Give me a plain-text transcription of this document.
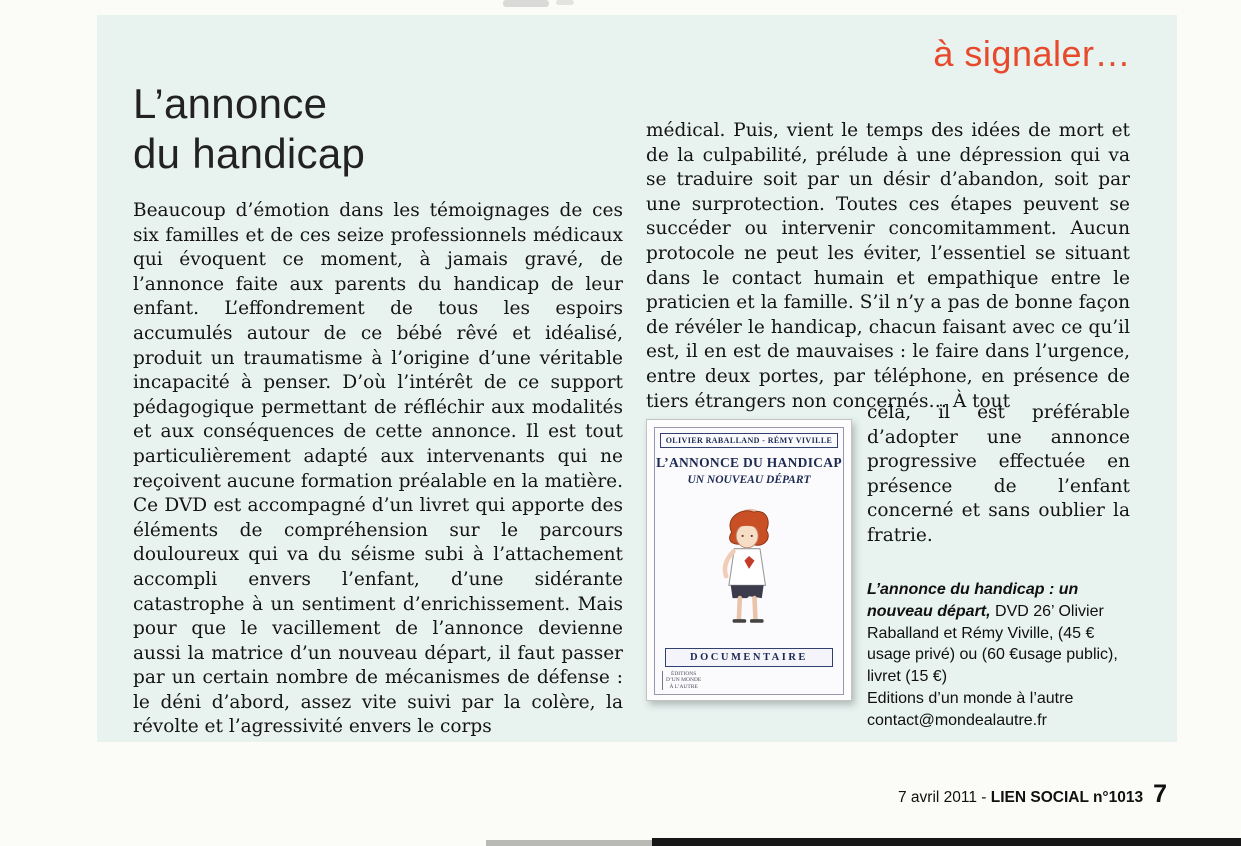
à signaler…
L’annonce
du handicap
Beaucoup d’émotion dans les témoignages de ces six familles et de ces seize professionnels médicaux qui évoquent ce moment, à jamais gravé, de l’annonce faite aux parents du handicap de leur enfant. L’effondrement de tous les espoirs accumulés autour de ce bébé rêvé et idéalisé, produit un traumatisme à l’origine d’une véritable incapacité à penser. D’où l’intérêt de ce support pédagogique permettant de réfléchir aux modalités et aux conséquences de cette annonce. Il est tout particulièrement adapté aux intervenants qui ne reçoivent aucune formation préalable en la matière. Ce DVD est accompagné d’un livret qui apporte des éléments de compréhension sur le parcours douloureux qui va du séisme subi à l’attachement accompli envers l’enfant, d’une sidérante catastrophe à un sentiment d’enrichissement. Mais pour que le vacillement de l’annonce devienne aussi la matrice d’un nouveau départ, il faut passer par un certain nombre de mécanismes de défense : le déni d’abord, assez vite suivi par la colère, la révolte et l’agressivité envers le corps
médical. Puis, vient le temps des idées de mort et de la culpabilité, prélude à une dépression qui va se traduire soit par un désir d’abandon, soit par une surprotection. Toutes ces étapes peuvent se succéder ou intervenir concomitamment. Aucun protocole ne peut les éviter, l’essentiel se situant dans le contact humain et empathique entre le praticien et la famille. S’il n’y a pas de bonne façon de révéler le handicap, chacun faisant avec ce qu’il est, il en est de mauvaises : le faire dans l’urgence, entre deux portes, par téléphone, en présence de tiers étrangers non concernés… À tout
cela, il est préférable d’adopter une annonce progressive effectuée en présence de l’enfant concerné et sans oublier la fratrie.
OLIVIER RABALLAND - RÉMY VIVILLE
L’ANNONCE DU HANDICAP
UN NOUVEAU DÉPART
DOCUMENTAIRE
ÉDITIONS
D’UN MONDE
À L’AUTRE
L’annonce du handicap : un nouveau départ, DVD 26’ Olivier Raballand et Rémy Viville, (45 € usage privé) ou (60 €usage public), livret (15 €)
Editions d’un monde à l’autre
contact@mondealautre.fr
7 avril 2011 - LIEN SOCIAL n°1013 7
